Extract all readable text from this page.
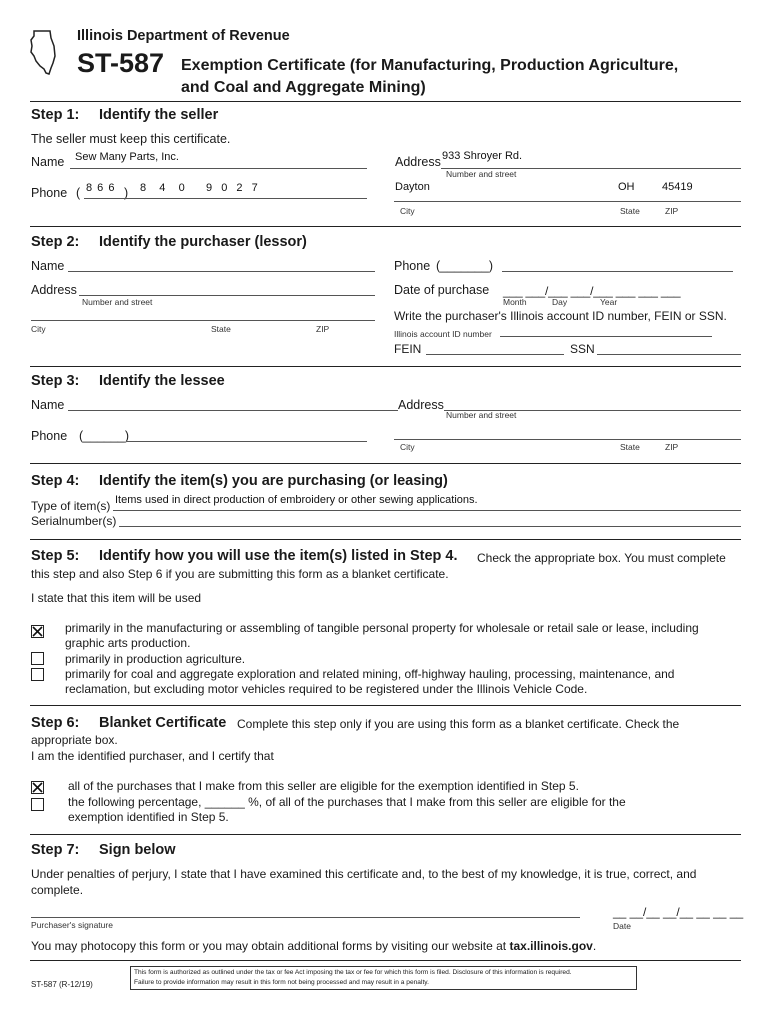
Illinois Department of Revenue
ST-587 Exemption Certificate (for Manufacturing, Production Agriculture,
and Coal and Aggregate Mining)
Step 1: Identify the seller
The seller must keep this certificate.
Name Sew Many Parts, Inc.
Phone ( 8 6 6 ) 8   4   0     9  0  2  7
Address 933 Shroyer Rd.
Number and street
Dayton	OH	45419
City	State	ZIP
Step 2: Identify the purchaser (lessor)
Name
Address
Number and street
City	State	ZIP
Phone (_______)
Date of purchase ___ ___/___ ___/___ ___ ___ ___
Month	Day	Year
Write the purchaser's Illinois account ID number, FEIN or SSN.
Illinois account ID number
FEIN	SSN
Step 3: Identify the lessee
Name	Address
Number and street
Phone (______)
City	State	ZIP
Step 4: Identify the item(s) you are purchasing (or leasing)
Type of item(s) Items used in direct production of embroidery or other sewing applications.
Serialnumber(s)
Step 5: Identify how you will use the item(s) listed in Step 4. Check the appropriate box. You must complete
this step and also Step 6 if you are submitting this form as a blanket certificate.
I state that this item will be used
primarily in the manufacturing or assembling of tangible personal property for wholesale or retail sale or lease, including
graphic arts production.
primarily in production agriculture.
primarily for coal and aggregate exploration and related mining, off-highway hauling, processing, maintenance, and
reclamation, but excluding motor vehicles required to be registered under the Illinois Vehicle Code.
Step 6: Blanket Certificate Complete this step only if you are using this form as a blanket certificate. Check the
appropriate box.
I am the identified purchaser, and I certify that
all of the purchases that I make from this seller are eligible for the exemption identified in Step 5.
the following percentage, ______ %, of all of the purchases that I make from this seller are eligible for the
exemption identified in Step 5.
Step 7: Sign below
Under penalties of perjury, I state that I have examined this certificate and, to the best of my knowledge, it is true, correct, and
complete.
Purchaser's signature
__ __/__ __/__ __ __ __
Date
You may photocopy this form or you may obtain additional forms by visiting our website at tax.illinois.gov.
ST-587 (R-12/19)
This form is authorized as outlined under the tax or fee Act imposing the tax or fee for which this form is filed. Disclosure of this information is required.
Failure to provide information may result in this form not being processed and may result in a penalty.
